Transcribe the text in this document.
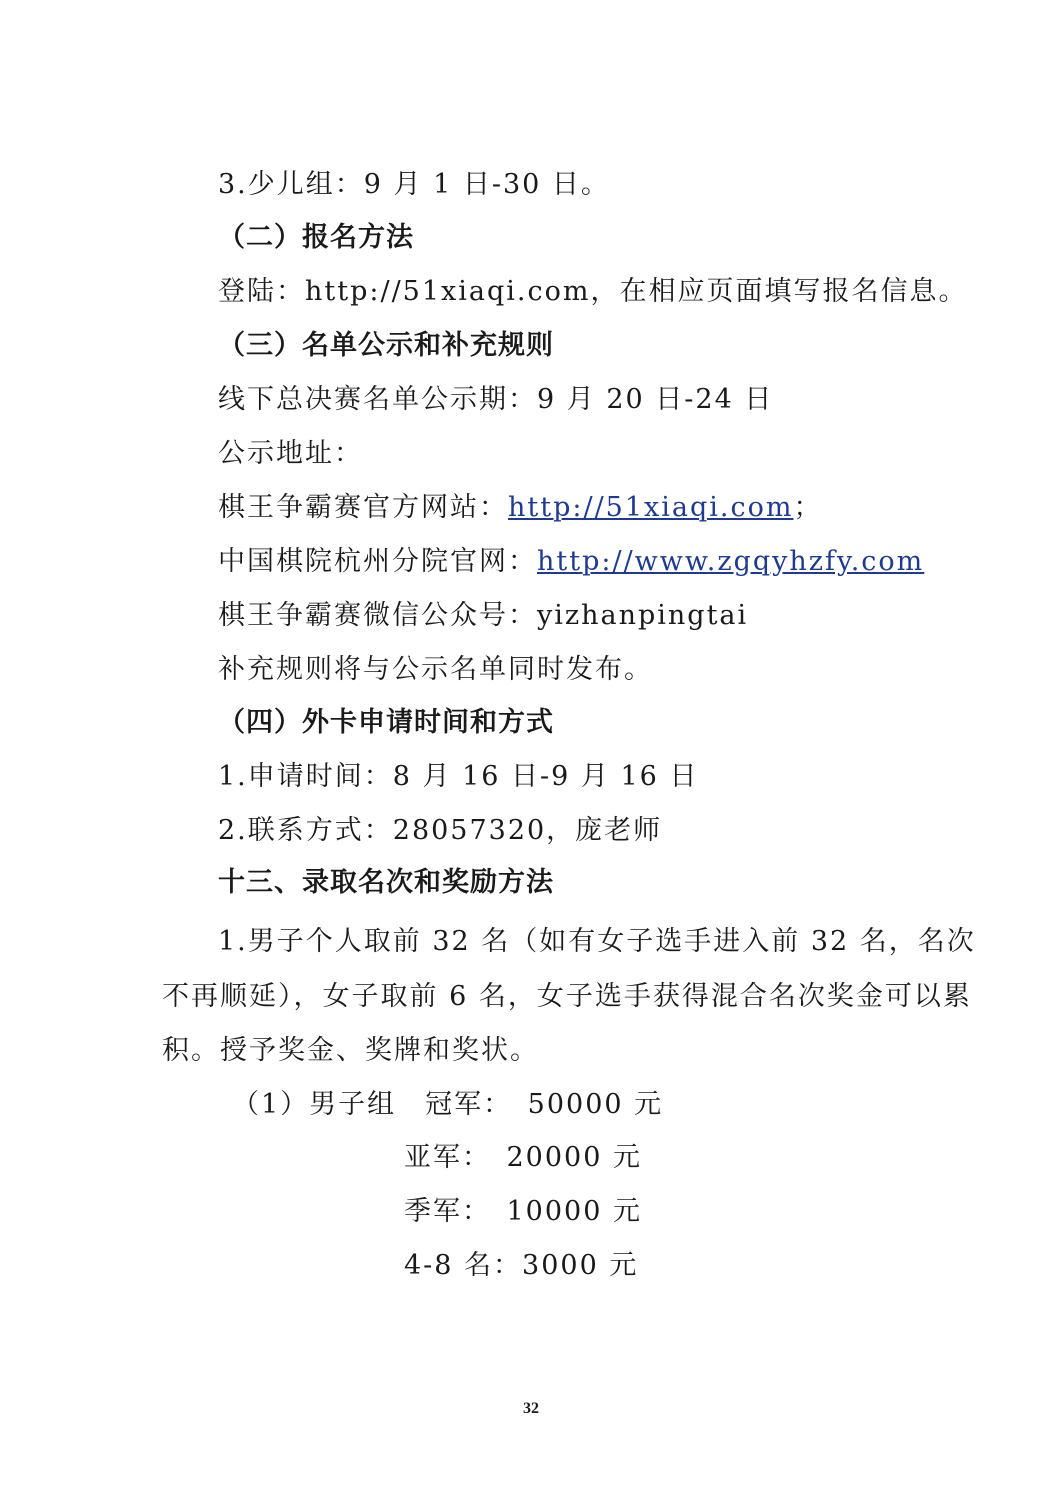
3.少儿组：9 月 1 日-30 日。
（二）报名方法
登陆：http://51xiaqi.com，在相应页面填写报名信息。
（三）名单公示和补充规则
线下总决赛名单公示期：9 月 20 日-24 日
公示地址：
棋王争霸赛官方网站：http://51xiaqi.com；
中国棋院杭州分院官网：http://www.zgqyhzfy.com
棋王争霸赛微信公众号：yizhanpingtai
补充规则将与公示名单同时发布。
（四）外卡申请时间和方式
1.申请时间：8 月 16 日-9 月 16 日
2.联系方式：28057320，庞老师
十三、录取名次和奖励方法
1.男子个人取前 32 名（如有女子选手进入前 32 名，名次
不再顺延），女子取前 6 名，女子选手获得混合名次奖金可以累
积。授予奖金、奖牌和奖状。
（1）男子组　冠军：　50000 元
亚军：　20000 元
季军：　10000 元
4-8 名：3000 元
32
